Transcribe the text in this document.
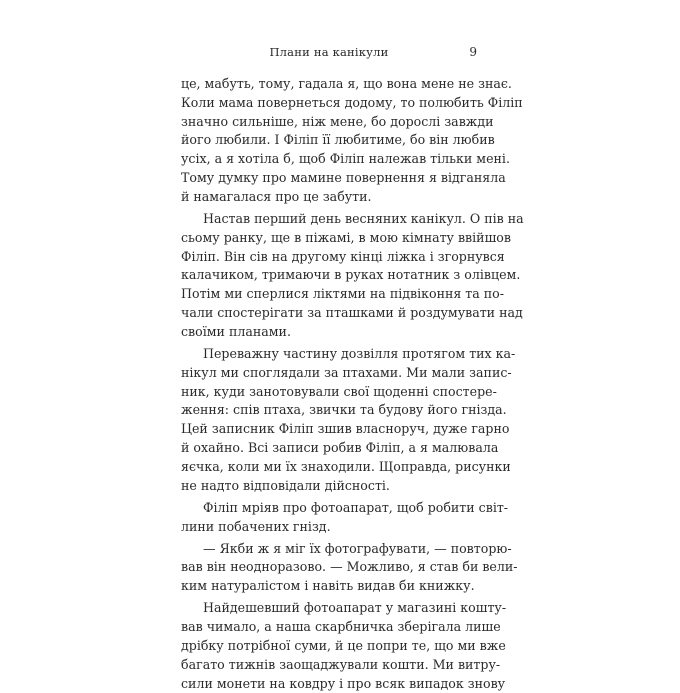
Плани на канікули	9
це, мабуть, тому, гадала я, що вона мене не знає.
Коли мама повернеться додому, то полюбить Філіп
значно сильніше, ніж мене, бо дорослі завжди
його любили. І Філіп її любитиме, бо він любив
усіх, а я хотіла б, щоб Філіп належав тільки мені.
Тому думку про мамине повернення я відганяла
й намагалася про це забути.
Настав перший день весняних канікул. О пів на
сьому ранку, ще в піжамі, в мою кімнату ввійшов
Філіп. Він сів на другому кінці ліжка і згорнувся
калачиком, тримаючи в руках нотатник з олівцем.
Потім ми сперлися ліктями на підвіконня та по-
чали спостерігати за пташками й роздумувати над
своїми планами.
Переважну частину дозвілля протягом тих ка-
нікул ми споглядали за птахами. Ми мали запис-
ник, куди занотовували свої щоденні спостере-
ження: спів птаха, звички та будову його гнізда.
Цей записник Філіп зшив власноруч, дуже гарно
й охайно. Всі записи робив Філіп, а я малювала
яєчка, коли ми їх знаходили. Щоправда, рисунки
не надто відповідали дійсності.
Філіп мріяв про фотоапарат, щоб робити світ-
лини побачених гнізд.
— Якби ж я міг їх фотографувати, — повторю-
вав він неодноразово. — Можливо, я став би вели-
ким натуралістом і навіть видав би книжку.
Найдешевший фотоапарат у магазині кошту-
вав чимало, а наша скарбничка зберігала лише
дрібку потрібної суми, й це попри те, що ми вже
багато тижнів заощаджували кошти. Ми витру-
сили монети на ковдру і про всяк випадок знову
